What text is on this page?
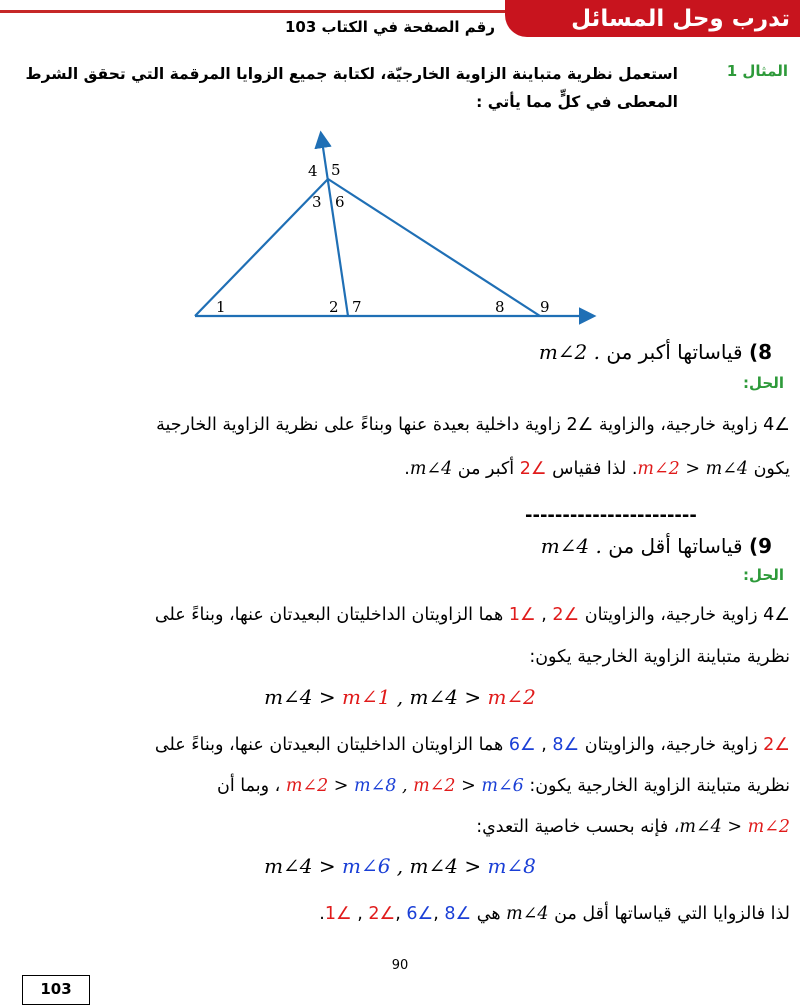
تدرب وحل المسائل
رقم الصفحة في الكتاب 103
المثال 1
استعمل نظرية متباينة الزاوية الخارجيّة، لكتابة جميع الزوايا المرقمة التي تحقق الشرط المعطى في كلٍّ مما يأتي :
4 5
3 6
1	2 7	8 9
8) قياساتها أكبر من m∠2 .
الحل:
∠4 زاوية خارجية، والزاوية ∠2 زاوية داخلية بعيدة عنها وبناءً على نظرية الزاوية الخارجية
يكون m∠2 > m∠4. لذا فقياس ∠2 أكبر من m∠4.
-----------------------
9) قياساتها أقل من m∠4 .
الحل:
∠4 زاوية خارجية، والزاويتان ∠2 , ∠1 هما الزاويتان الداخليتان البعيدتان عنها، وبناءً على
نظرية متباينة الزاوية الخارجية يكون:
m∠4 > m∠1 , m∠4 > m∠2
∠2 زاوية خارجية، والزاويتان ∠8 , ∠6 هما الزاويتان الداخليتان البعيدتان عنها، وبناءً على
نظرية متباينة الزاوية الخارجية يكون: m∠2 > m∠8 , m∠2 > m∠6 ، وبما أن
m∠4 > m∠2، فإنه بحسب خاصية التعدي:
m∠4 > m∠6 , m∠4 > m∠8
لذا فالزوايا التي قياساتها أقل من m∠4 هي ∠8 ,∠6 ,∠2 , ∠1.
90
103
